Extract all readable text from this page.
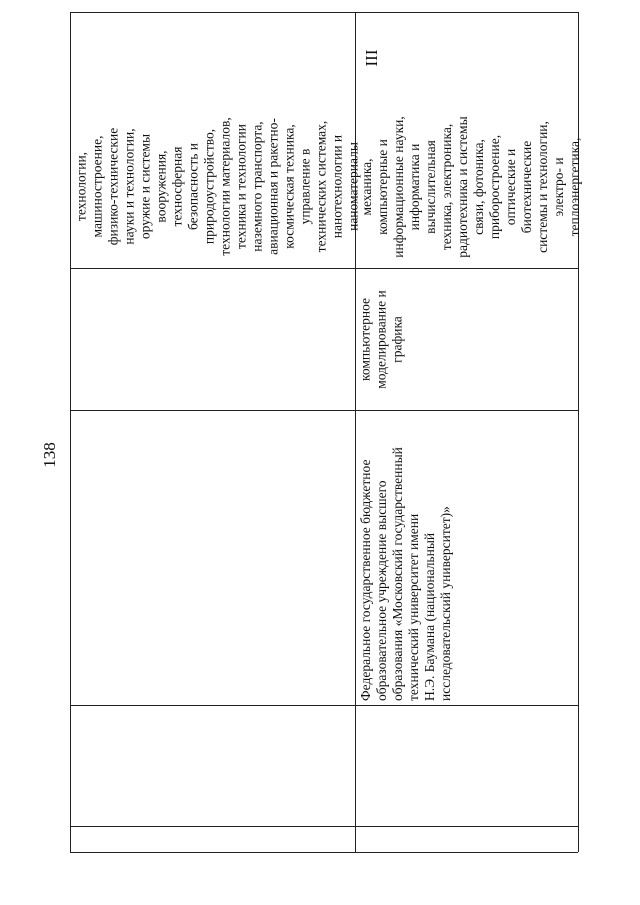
138
технологии, машиностроение, физико-технические науки и технологии, оружие и системы вооружения, техносферная безопасность и природоустройство, технологии материалов, техника и технологии наземного транспорта, авиационная и ракетно- космическая техника, управление в технических системах, нанотехнологии и наноматериалы
III
механика, компьютерные и информационные науки, информатика и вычислительная техника, электроника, радиотехника и системы связи, фотоника, приборостроение, оптические и биотехнические системы и технологии, электро- и теплоэнергетика,
компьютерное моделирование и графика
Федеральное государственное бюджетное образовательное учреждение высшего образования «Московский государственный технический университет имени Н.Э. Баумана (национальный исследовательский университет)»
